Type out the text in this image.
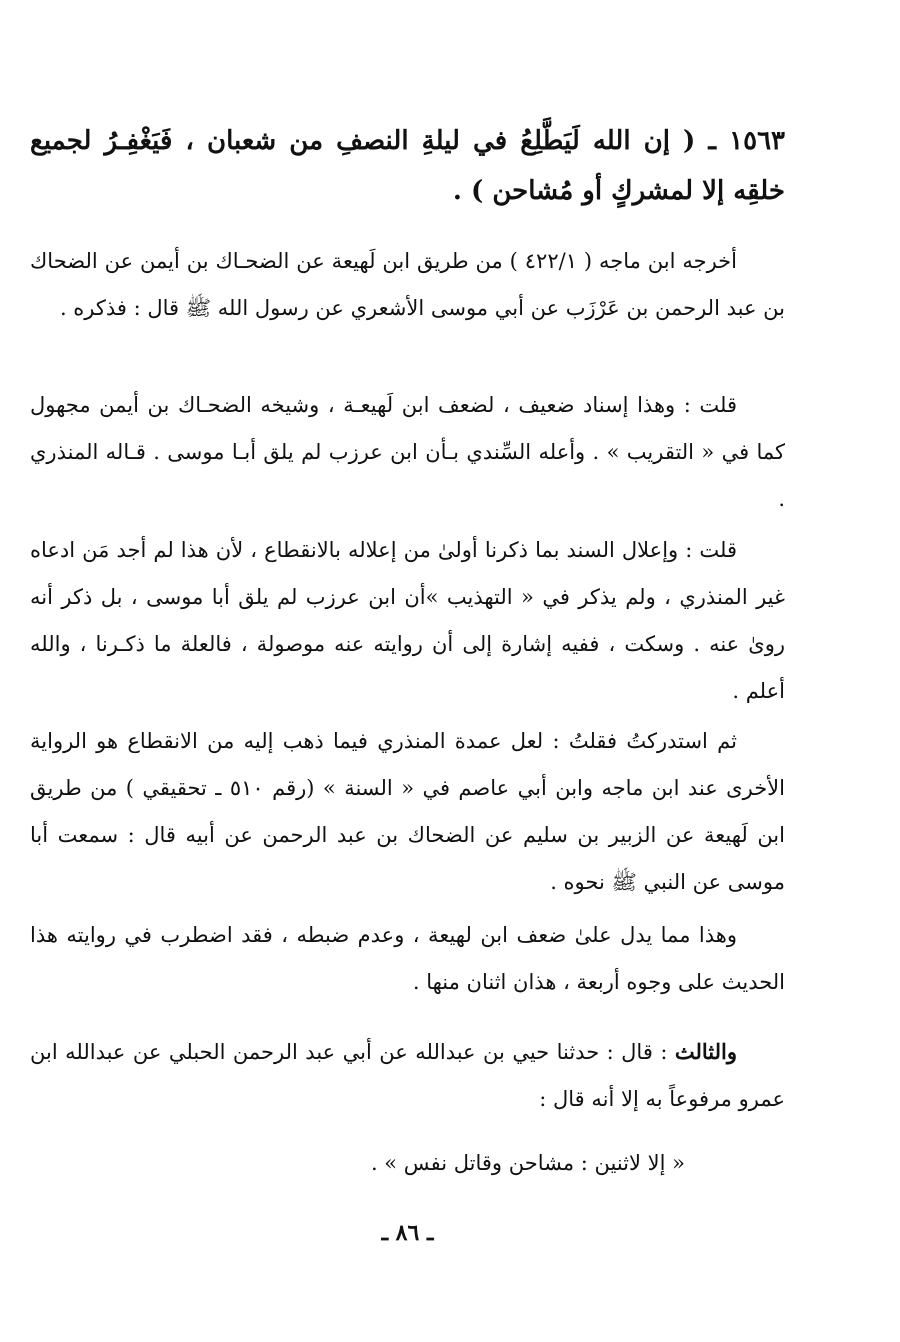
١٥٦٣ ـ ( إن الله لَيَطَّلِعُ في ليلةِ النصفِ من شعبان ، فَيَغْفِـرُ لجميع خلقِه إلا لمشركٍ أو مُشاحن ) .

أخرجه ابن ماجه ( ٤٢٢/١ ) من طريق ابن لَهيعة عن الضحـاك بن أيمن عن الضحاك بن عبد الرحمن بن عَرْزَب عن أبي موسى الأشعري عن رسول الله ﷺ قال : فذكره .

قلت : وهذا إسناد ضعيف ، لضعف ابن لَهيعـة ، وشيخه الضحـاك بن أيمن مجهول كما في « التقريب » . وأعله السِّندي بـأن ابن عرزب لم يلق أبـا موسى . قـاله المنذري .

قلت : وإعلال السند بما ذكرنا أولىٰ من إعلاله بالانقطاع ، لأن هذا لم أجد مَن ادعاه غير المنذري ، ولم يذكر في « التهذيب »أن ابن عرزب لم يلق أبا موسى ، بل ذكر أنه روىٰ عنه . وسكت ، ففيه إشارة إلى أن روايته عنه موصولة ، فالعلة ما ذكـرنا ، والله أعلم .

ثم استدركتُ فقلتُ : لعل عمدة المنذري فيما ذهب إليه من الانقطاع هو الرواية الأخرى عند ابن ماجه وابن أبي عاصم في « السنة » (رقم ٥١٠ ـ تحقيقي ) من طريق ابن لَهيعة عن الزبير بن سليم عن الضحاك بن عبد الرحمن عن أبيه قال : سمعت أبا موسى عن النبي ﷺ نحوه .

وهذا مما يدل علىٰ ضعف ابن لهيعة ، وعدم ضبطه ، فقد اضطرب في روايته هذا الحديث على وجوه أربعة ، هذان اثنان منها .

والثالث : قال : حدثنا حيي بن عبدالله عن أبي عبد الرحمن الحبلي عن عبدالله ابن عمرو مرفوعاً به إلا أنه قال :

« إلا لاثنين : مشاحن وقاتل نفس » .

ـ ٨٦ ـ
